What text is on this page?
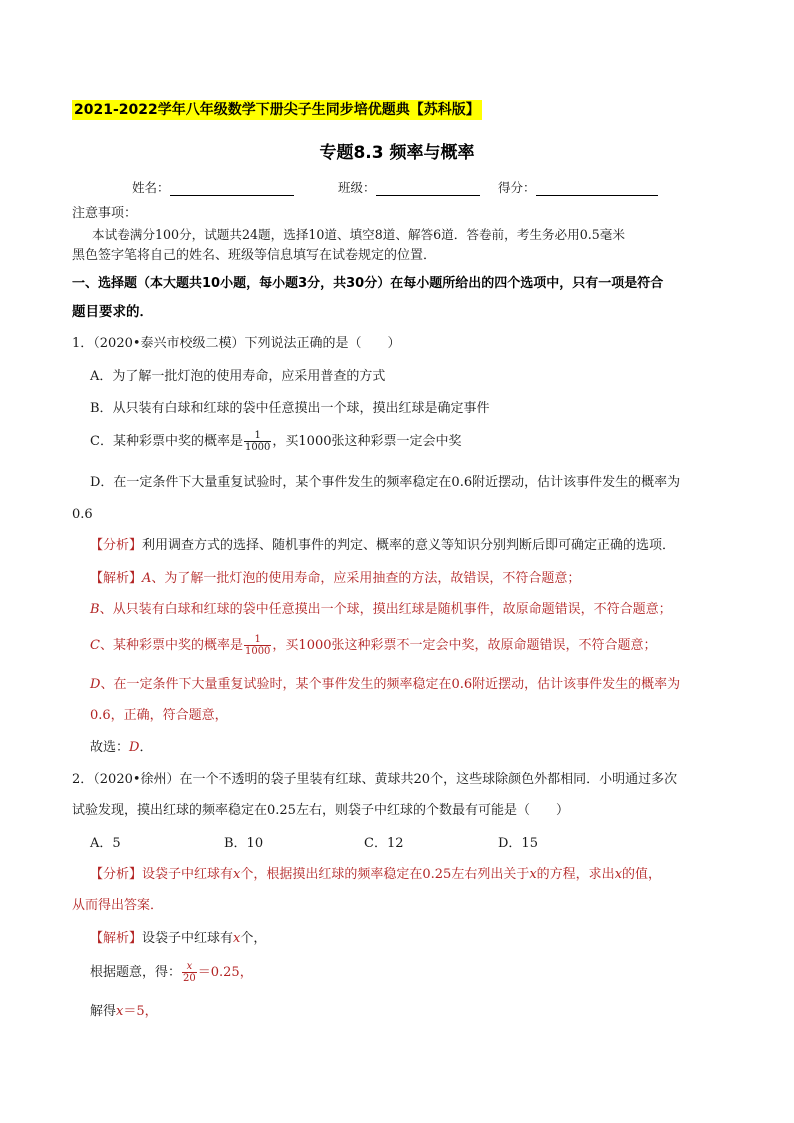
2021-2022学年八年级数学下册尖子生同步培优题典【苏科版】
专题8.3 频率与概率
姓名：	班级：	得分：
注意事项：
本试卷满分100分，试题共24题，选择10道、填空8道、解答6道．答卷前，考生务必用0.5毫米
黑色签字笔将自己的姓名、班级等信息填写在试卷规定的位置．
一、选择题（本大题共10小题，每小题3分，共30分）在每小题所给出的四个选项中，只有一项是符合
题目要求的．
1．（2020•泰兴市校级二模）下列说法正确的是（　　）
A．为了解一批灯泡的使用寿命，应采用普查的方式
B．从只装有白球和红球的袋中任意摸出一个球，摸出红球是确定事件
C．某种彩票中奖的概率是 $\frac{1}{1000}$ ，买1000张这种彩票一定会中奖
D．在一定条件下大量重复试验时，某个事件发生的频率稳定在0.6附近摆动，估计该事件发生的概率为
0.6
【分析】利用调查方式的选择、随机事件的判定、概率的意义等知识分别判断后即可确定正确的选项．
【解析】A、为了解一批灯泡的使用寿命，应采用抽查的方法，故错误，不符合题意；
B、从只装有白球和红球的袋中任意摸出一个球，摸出红球是随机事件，故原命题错误，不符合题意；
C、某种彩票中奖的概率是 $\frac{1}{1000}$ ，买1000张这种彩票不一定会中奖，故原命题错误，不符合题意；
D、在一定条件下大量重复试验时，某个事件发生的频率稳定在0.6附近摆动，估计该事件发生的概率为
0.6，正确，符合题意，
故选：D．
2．（2020•徐州）在一个不透明的袋子里装有红球、黄球共20个，这些球除颜色外都相同．小明通过多次
试验发现，摸出红球的频率稳定在0.25左右，则袋子中红球的个数最有可能是（　　）
A．5	B．10	C．12	D．15
【分析】设袋子中红球有x个，根据摸出红球的频率稳定在0.25左右列出关于x的方程，求出x的值，
从而得出答案．
【解析】设袋子中红球有x个，
根据题意，得： $\frac{x}{20} =0.25$，
解得x＝5，
